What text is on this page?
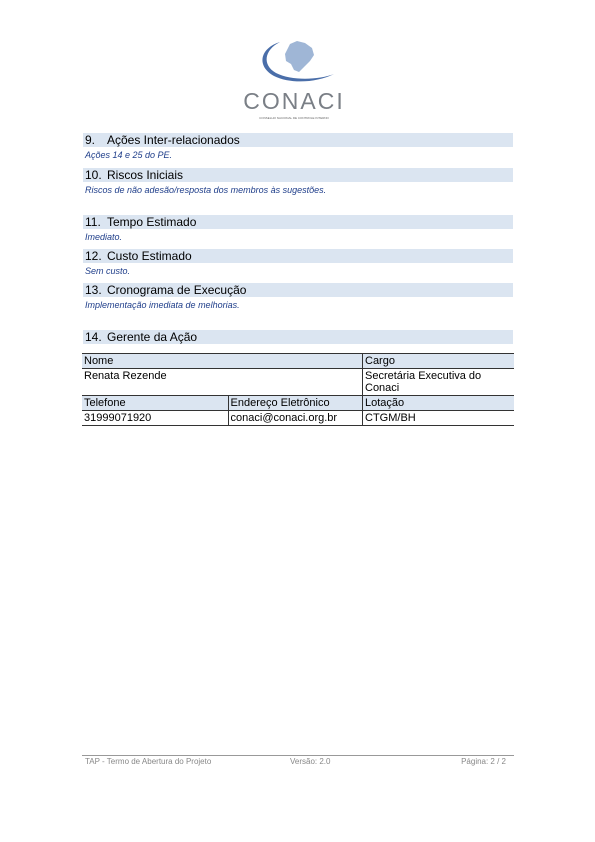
CONACI
CONSELHO NACIONAL DE CONTROLE INTERNO
9. Ações Inter-relacionados
Ações 14 e 25 do PE.
10. Riscos Iniciais
Riscos de não adesão/resposta dos membros às sugestões.
11. Tempo Estimado
Imediato.
12. Custo Estimado
Sem custo.
13. Cronograma de Execução
Implementação imediata de melhorias.
14. Gerente da Ação
Nome		Cargo
Renata Rezende		Secretária Executiva do
Conaci

Telefone	Endereço Eletrônico	Lotação
31999071920	conaci@conaci.org.br	CTGM/BH
TAP - Termo de Abertura do Projeto	Versão: 2.0	Página: 2 / 2
